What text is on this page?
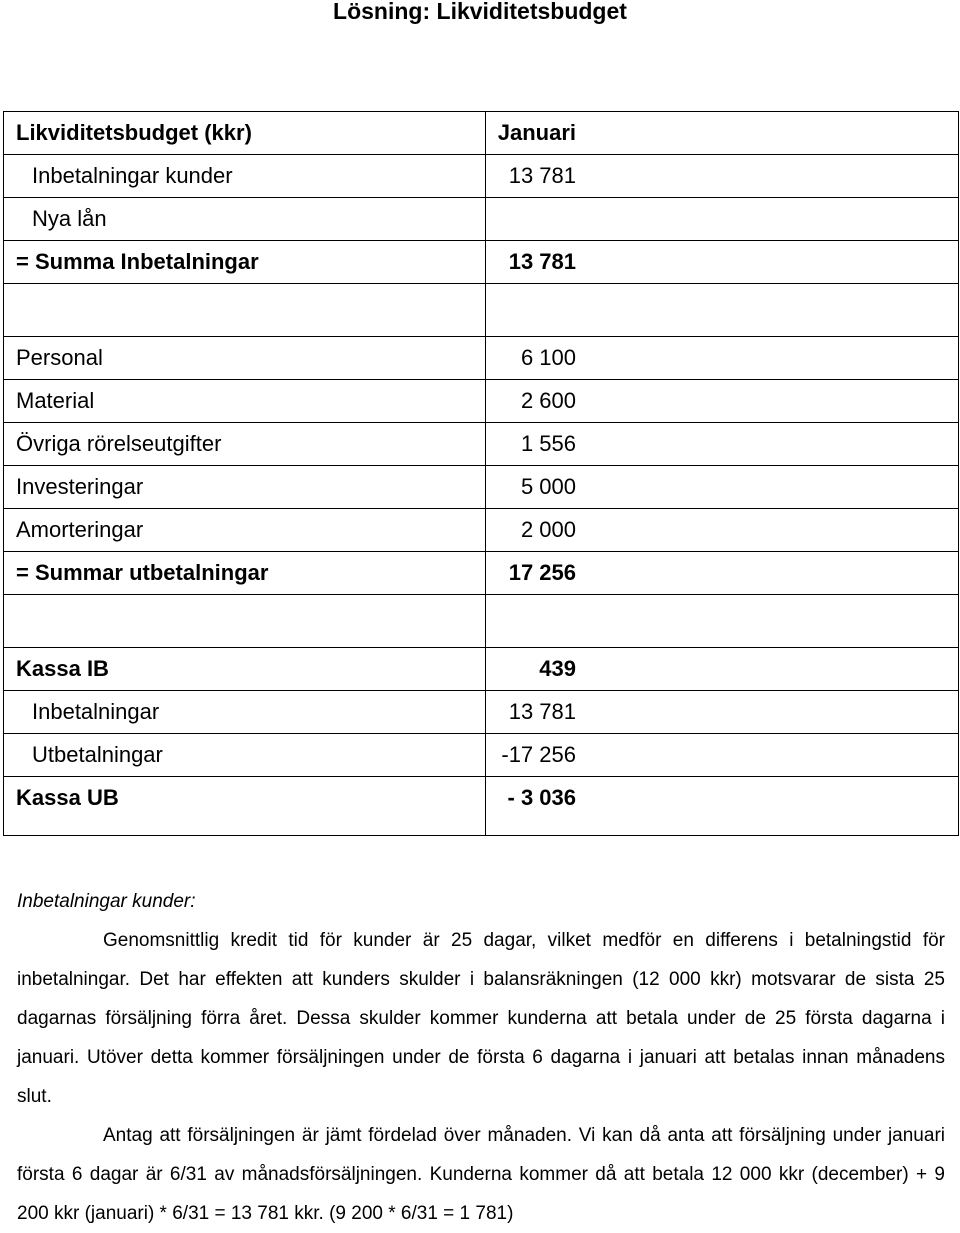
Lösning: Likviditetsbudget
Likviditetsbudget (kkr)	Januari
Inbetalningar kunder	13 781
Nya lån	
= Summa Inbetalningar	13 781

Personal	6 100
Material	2 600
Övriga rörelseutgifter	1 556
Investeringar	5 000
Amorteringar	2 000
= Summar utbetalningar	17 256

Kassa IB	439
Inbetalningar	13 781
Utbetalningar	-17 256
Kassa UB	- 3 036

Inbetalningar kunder:

Genomsnittlig kredit tid för kunder är 25 dagar, vilket medför en differens i betalningstid för inbetalningar. Det har effekten att kunders skulder i balansräkningen (12 000 kkr) motsvarar de sista 25 dagarnas försäljning förra året. Dessa skulder kommer kunderna att betala under de 25 första dagarna i januari. Utöver detta kommer försäljningen under de första 6 dagarna i januari att betalas innan månadens slut.

Antag att försäljningen är jämt fördelad över månaden. Vi kan då anta att försäljning under januari första 6 dagar är 6/31 av månadsförsäljningen. Kunderna kommer då att betala 12 000 kkr (december) + 9 200 kkr (januari) * 6/31 = 13 781 kkr. (9 200 * 6/31 = 1 781)
